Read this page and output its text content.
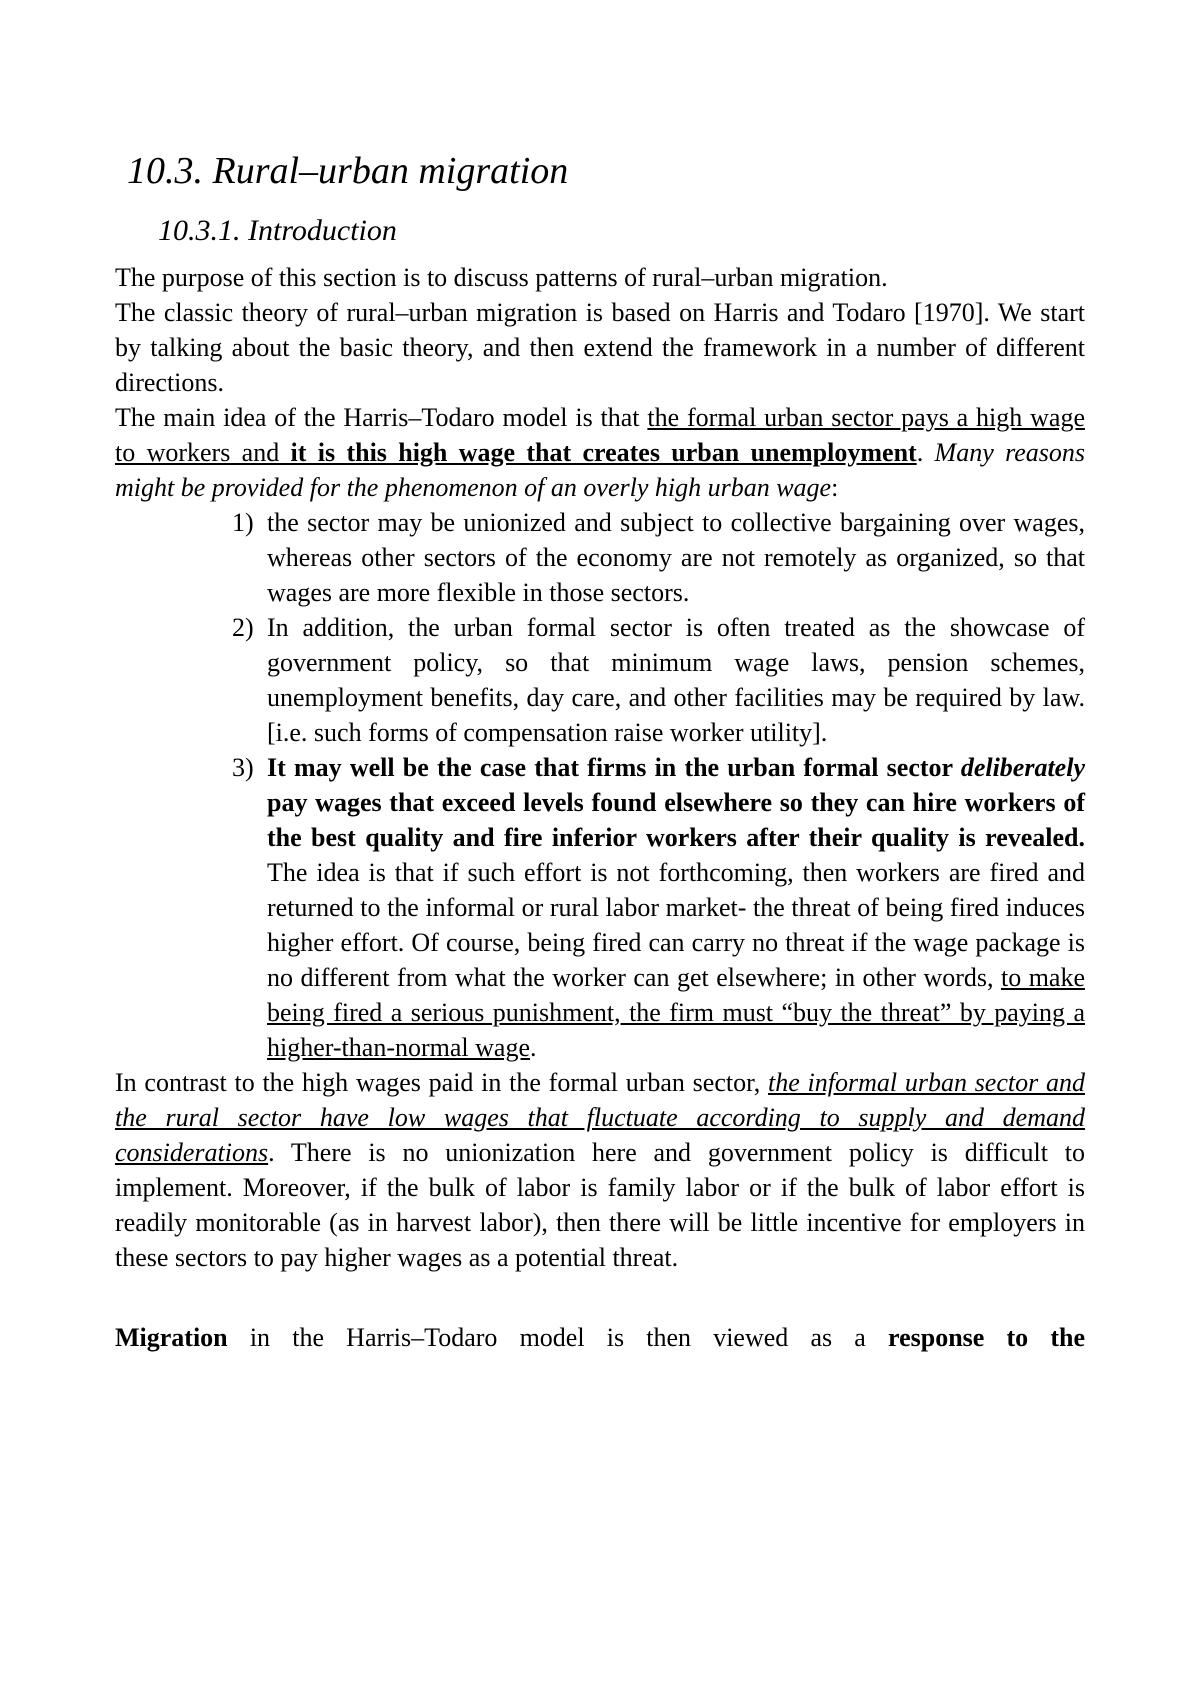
10.3. Rural–urban migration
10.3.1. Introduction

The purpose of this section is to discuss patterns of rural–urban migration.

The classic theory of rural–urban migration is based on Harris and Todaro [1970]. We start by talking about the basic theory, and then extend the framework in a number of different directions.

The main idea of the Harris–Todaro model is that the formal urban sector pays a high wage to workers and it is this high wage that creates urban unemployment. Many reasons might be provided for the phenomenon of an overly high urban wage:

1) the sector may be unionized and subject to collective bargaining over wages, whereas other sectors of the economy are not remotely as organized, so that wages are more flexible in those sectors.
2) In addition, the urban formal sector is often treated as the showcase of government policy, so that minimum wage laws, pension schemes, unemployment benefits, day care, and other facilities may be required by law.[i.e. such forms of compensation raise worker utility].
3) It may well be the case that firms in the urban formal sector deliberately pay wages that exceed levels found elsewhere so they can hire workers of the best quality and fire inferior workers after their quality is revealed. The idea is that if such effort is not forthcoming, then workers are fired and returned to the informal or rural labor market- the threat of being fired induces higher effort. Of course, being fired can carry no threat if the wage package is no different from what the worker can get elsewhere; in other words, to make being fired a serious punishment, the firm must “buy the threat” by paying a higher-than-normal wage.

In contrast to the high wages paid in the formal urban sector, the informal urban sector and the rural sector have low wages that fluctuate according to supply and demand considerations. There is no unionization here and government policy is difficult to implement. Moreover, if the bulk of labor is family labor or if the bulk of labor effort is readily monitorable (as in harvest labor), then there will be little incentive for employers in these sectors to pay higher wages as a potential threat.

Migration in the Harris–Todaro model is then viewed as a response to the
